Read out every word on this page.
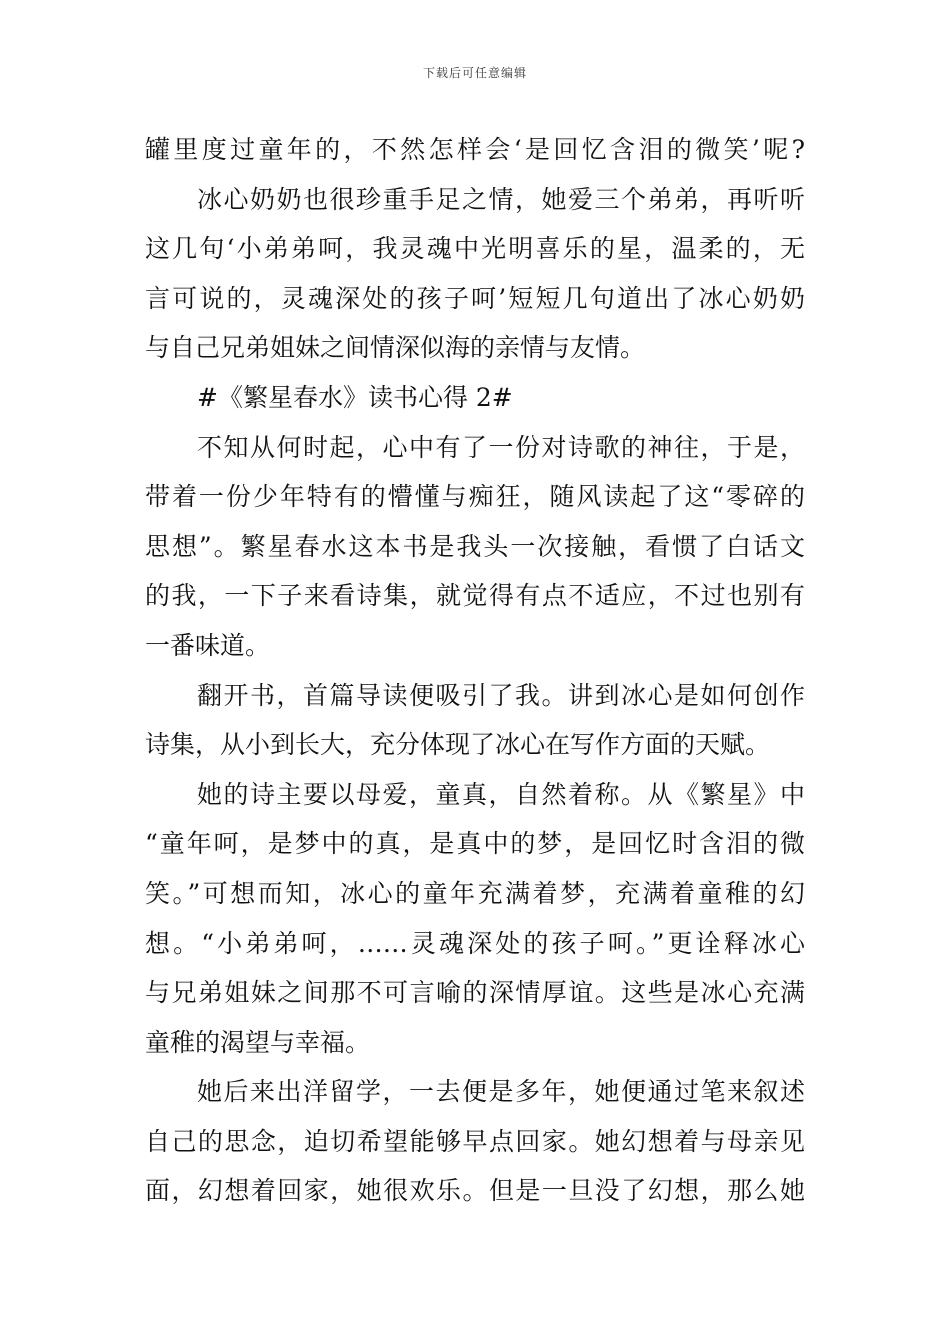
下载后可任意编辑
罐里度过童年的，不然怎样会‘是回忆含泪的微笑’呢?
冰心奶奶也很珍重手足之情，她爱三个弟弟，再听听
这几句‘小弟弟呵，我灵魂中光明喜乐的星，温柔的，无
言可说的，灵魂深处的孩子呵’短短几句道出了冰心奶奶
与自己兄弟姐妹之间情深似海的亲情与友情。
#《繁星春水》读书心得 2#
不知从何时起，心中有了一份对诗歌的神往，于是，
带着一份少年特有的懵懂与痴狂，随风读起了这“零碎的
思想”。繁星春水这本书是我头一次接触，看惯了白话文
的我，一下子来看诗集，就觉得有点不适应，不过也别有
一番味道。
翻开书，首篇导读便吸引了我。讲到冰心是如何创作
诗集，从小到长大，充分体现了冰心在写作方面的天赋。
她的诗主要以母爱，童真，自然着称。从《繁星》中
“童年呵，是梦中的真，是真中的梦，是回忆时含泪的微
笑。”可想而知，冰心的童年充满着梦，充满着童稚的幻
想。“小弟弟呵，……灵魂深处的孩子呵。”更诠释冰心
与兄弟姐妹之间那不可言喻的深情厚谊。这些是冰心充满
童稚的渴望与幸福。
她后来出洋留学，一去便是多年，她便通过笔来叙述
自己的思念，迫切希望能够早点回家。她幻想着与母亲见
面，幻想着回家，她很欢乐。但是一旦没了幻想，那么她
